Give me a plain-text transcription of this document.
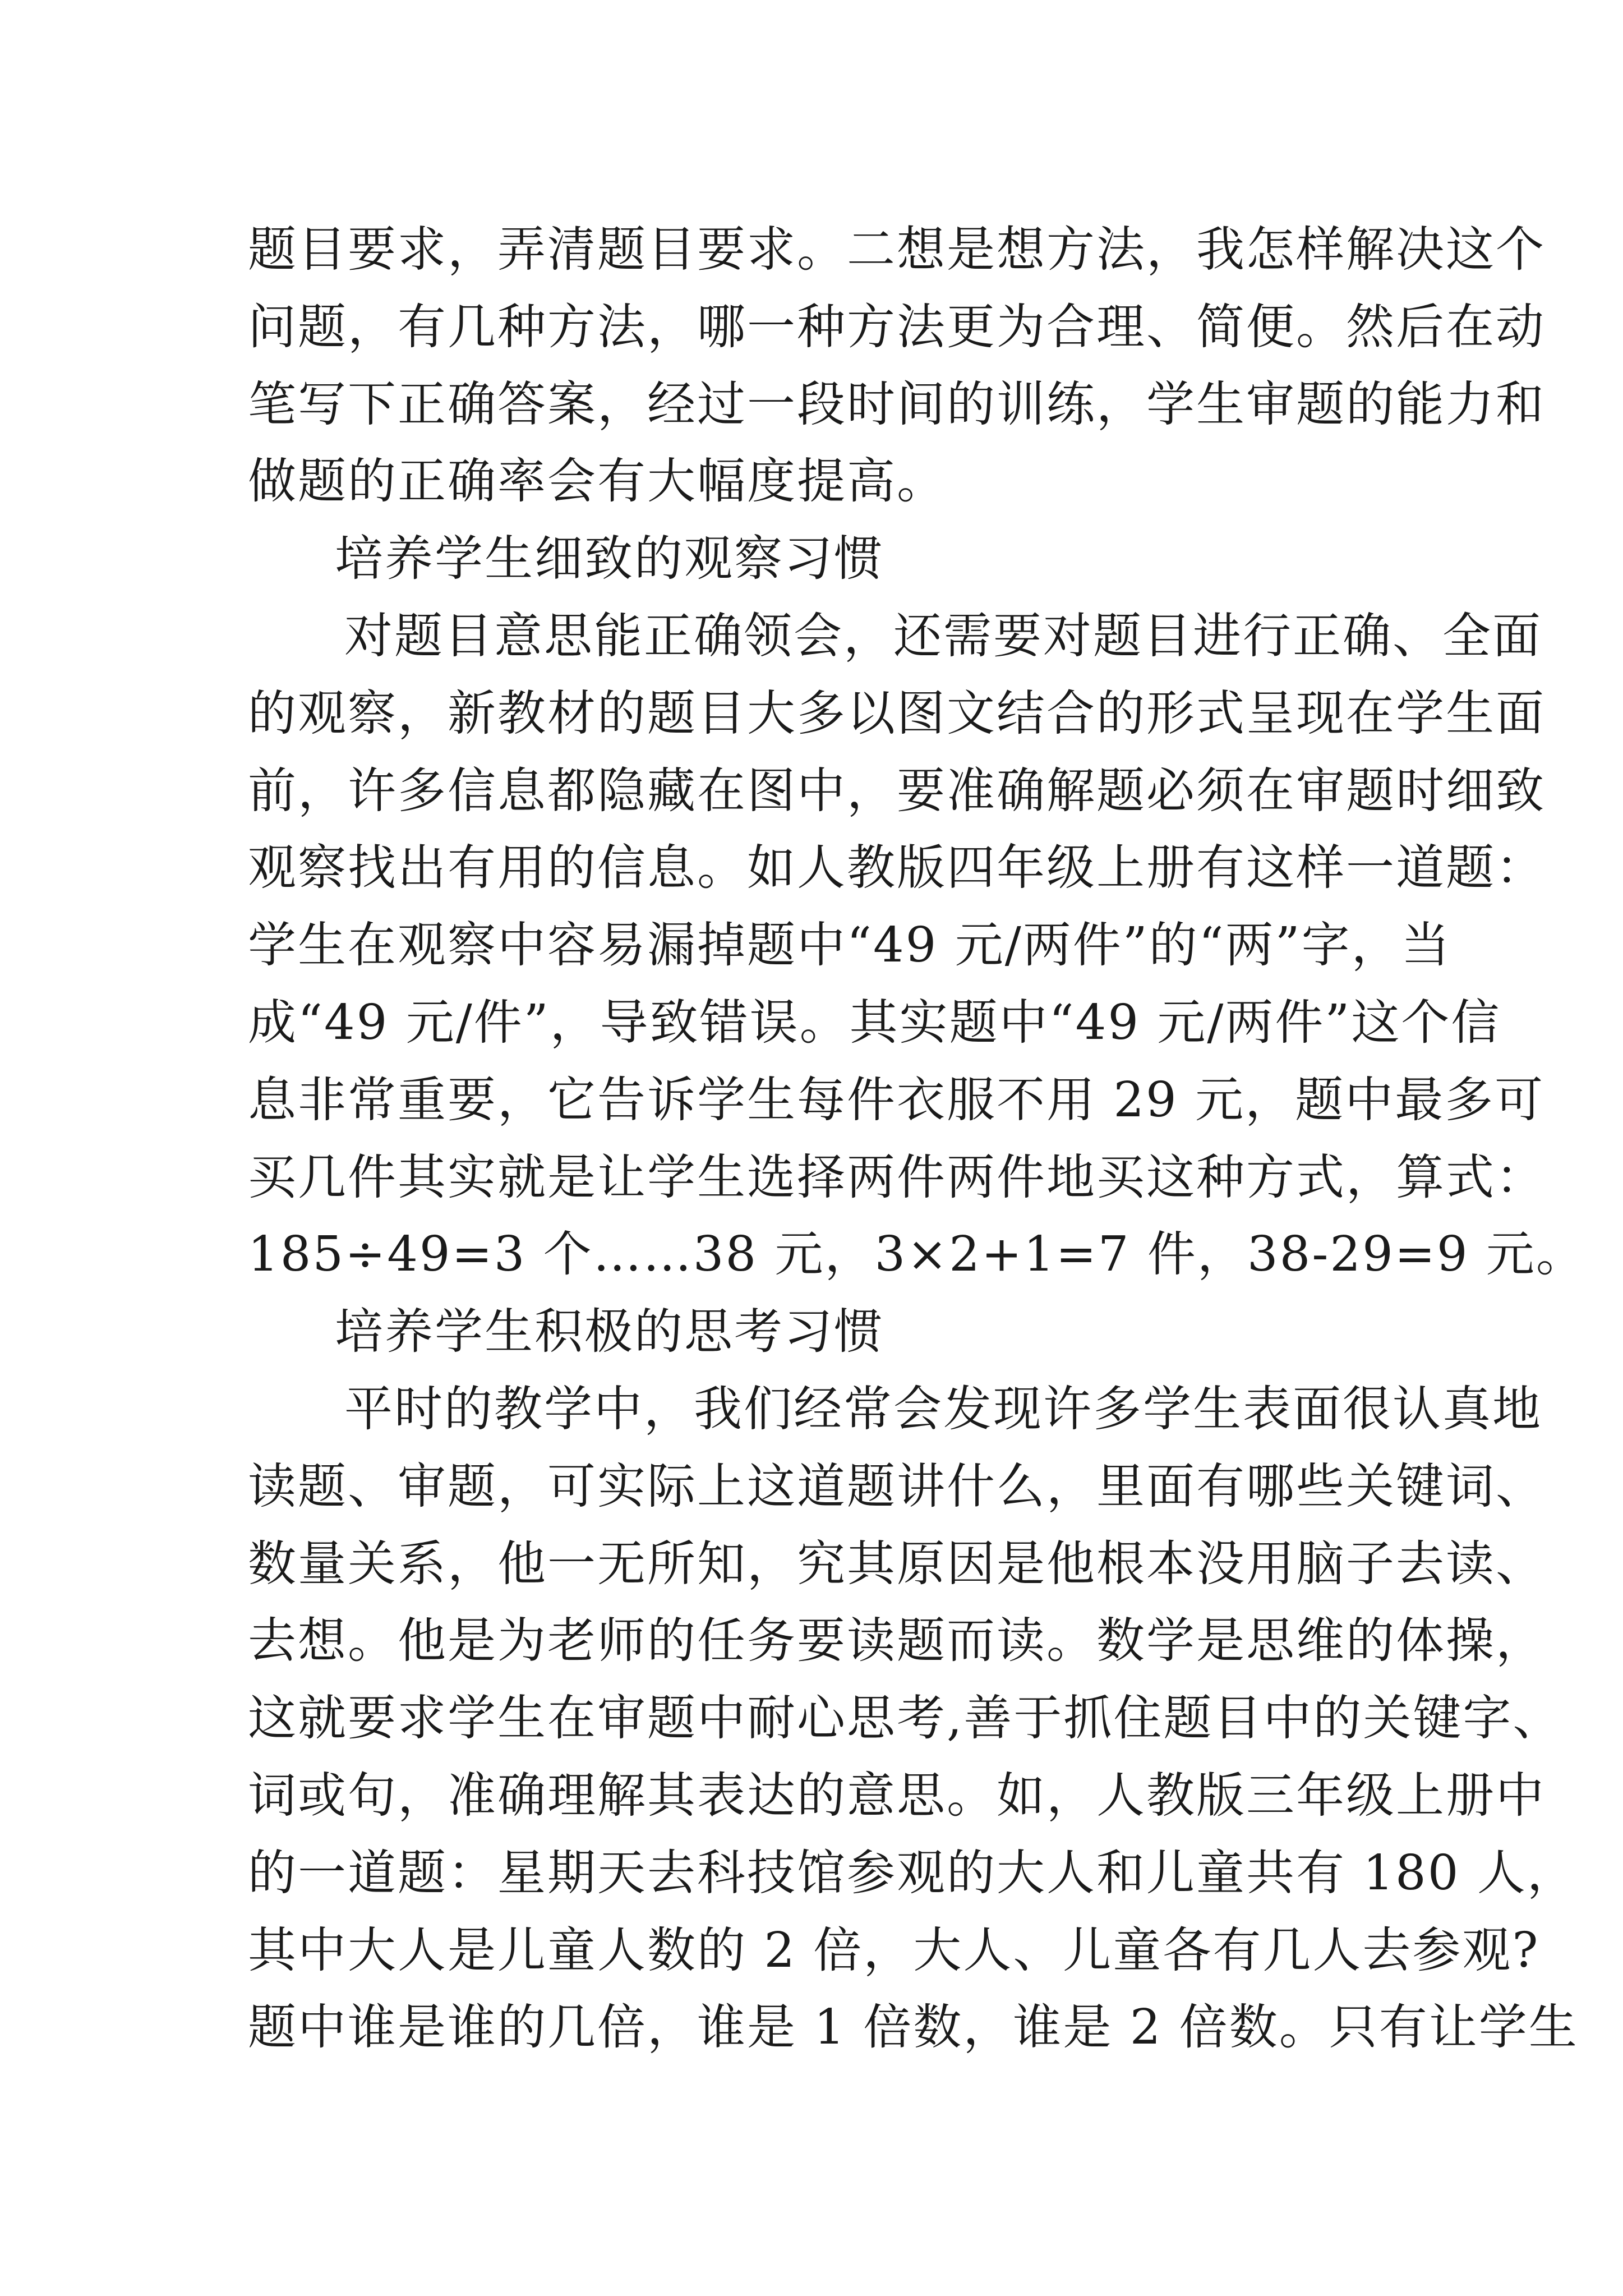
题目要求，弄清题目要求。二想是想方法，我怎样解决这个
问题，有几种方法，哪一种方法更为合理、简便。然后在动
笔写下正确答案，经过一段时间的训练，学生审题的能力和
做题的正确率会有大幅度提高。
培养学生细致的观察习惯
对题目意思能正确领会，还需要对题目进行正确、全面
的观察，新教材的题目大多以图文结合的形式呈现在学生面
前，许多信息都隐藏在图中，要准确解题必须在审题时细致
观察找出有用的信息。如人教版四年级上册有这样一道题：
学生在观察中容易漏掉题中“49 元/两件”的“两”字，当
成“49 元/件”，导致错误。其实题中“49 元/两件”这个信
息非常重要，它告诉学生每件衣服不用 29 元，题中最多可
买几件其实就是让学生选择两件两件地买这种方式，算式：
185÷49=3 个……38 元，3×2+1=7 件，38-29=9 元。
培养学生积极的思考习惯
平时的教学中，我们经常会发现许多学生表面很认真地
读题、审题，可实际上这道题讲什么，里面有哪些关键词、
数量关系，他一无所知，究其原因是他根本没用脑子去读、
去想。他是为老师的任务要读题而读。数学是思维的体操，
这就要求学生在审题中耐心思考,善于抓住题目中的关键字、
词或句，准确理解其表达的意思。如，人教版三年级上册中
的一道题：星期天去科技馆参观的大人和儿童共有 180 人，
其中大人是儿童人数的 2 倍，大人、儿童各有几人去参观?
题中谁是谁的几倍，谁是 1 倍数，谁是 2 倍数。只有让学生
